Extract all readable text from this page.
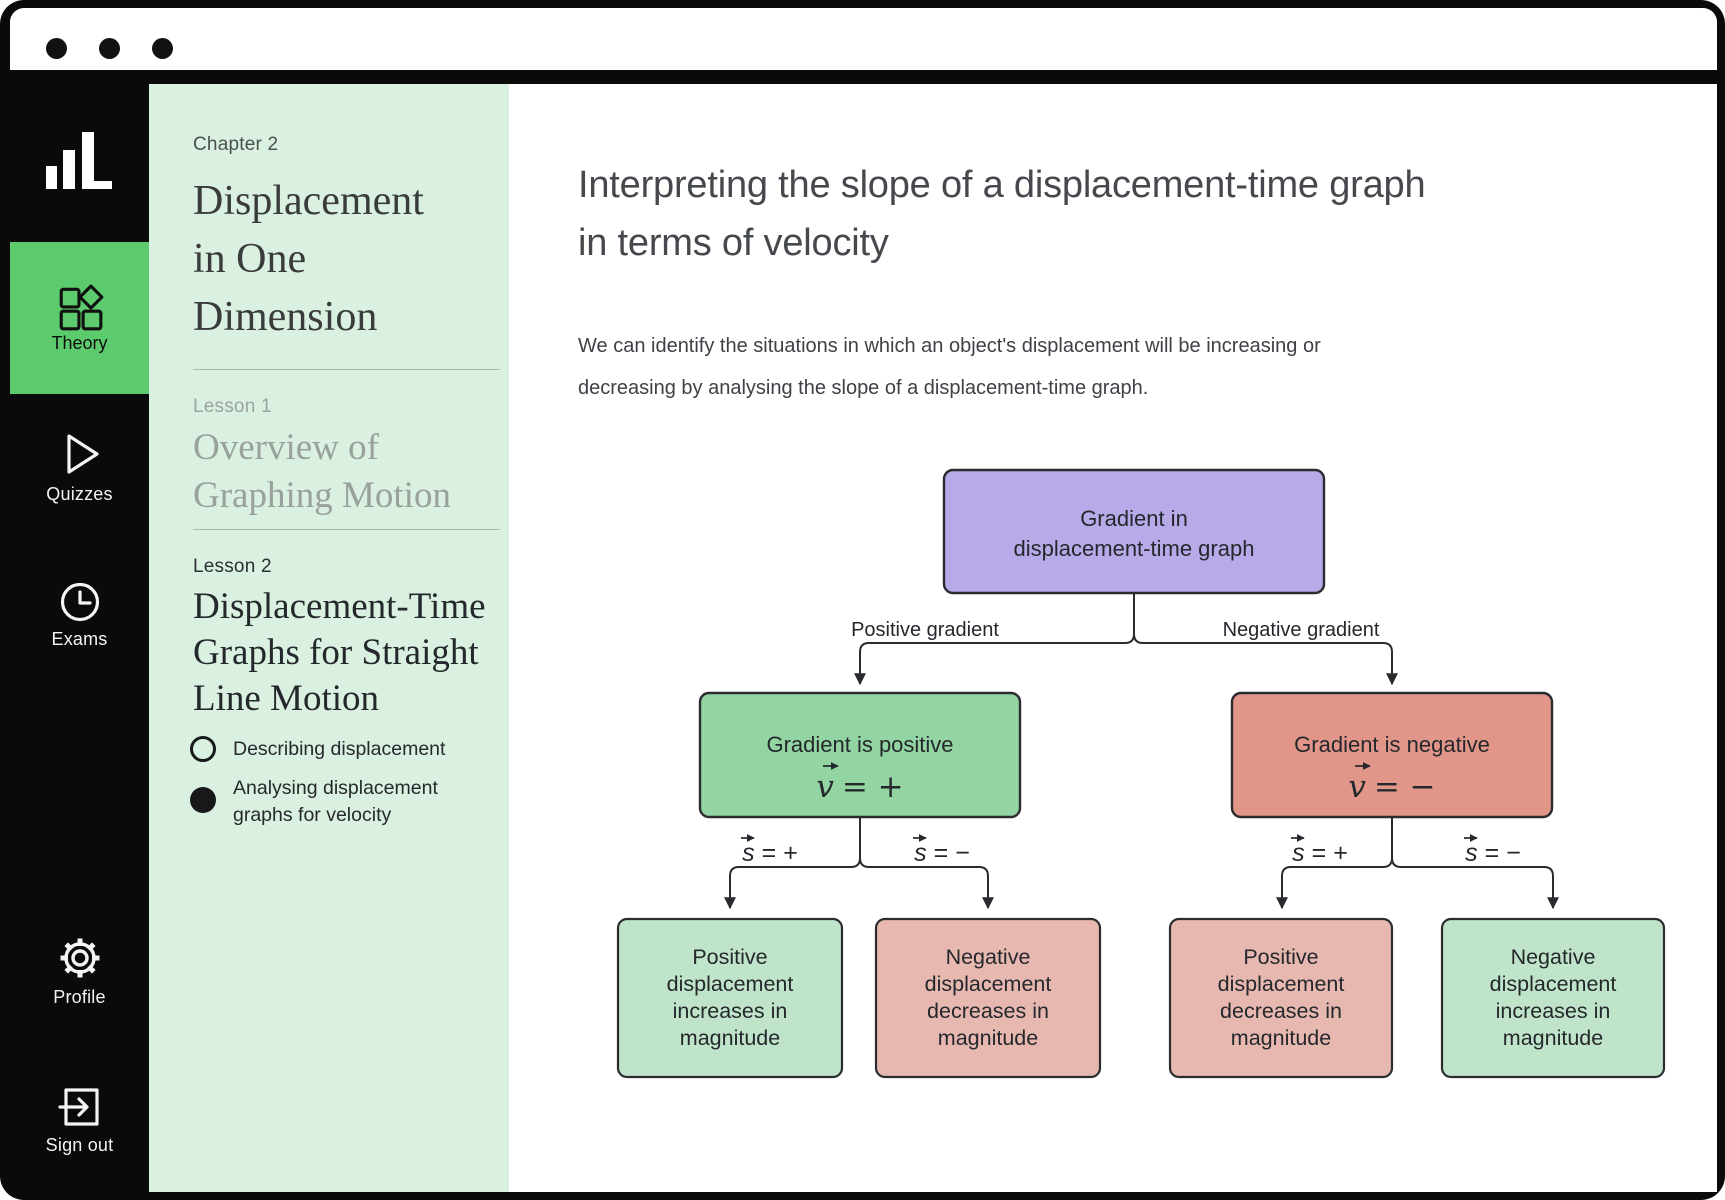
Theory
Quizzes
Exams
Profile
Sign out
Chapter 2
Displacement
in One
Dimension
Lesson 1
Overview of
Graphing Motion
Lesson 2
Displacement-Time
Graphs for Straight
Line Motion
Describing displacement
Analysing displacement
graphs for velocity
Interpreting the slope of a displacement-time graph
in terms of velocity
We can identify the situations in which an object's displacement will be increasing or
decreasing by analysing the slope of a displacement-time graph.
Gradient in
displacement-time graph
Positive gradient	Negative gradient
Gradient is positive
v = +
Gradient is negative
v = −
s = +	s = −	s = +	s = −
Positive
displacement
increases in
magnitude
Negative
displacement
decreases in
magnitude
Positive
displacement
decreases in
magnitude
Negative
displacement
increases in
magnitude
